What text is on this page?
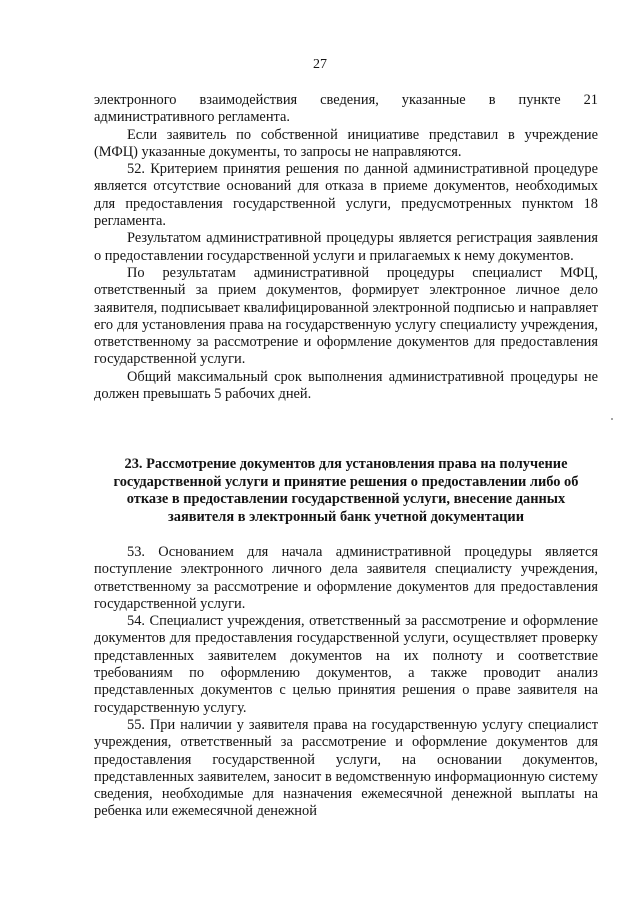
27

электронного взаимодействия сведения, указанные в пункте 21 административного регламента.

Если заявитель по собственной инициативе представил в учреждение (МФЦ) указанные документы, то запросы не направляются.

52. Критерием принятия решения по данной административной процедуре является отсутствие оснований для отказа в приеме документов, необходимых для предоставления государственной услуги, предусмотренных пунктом 18 регламента.

Результатом административной процедуры является регистрация заявления о предоставлении государственной услуги и прилагаемых к нему документов.

По результатам административной процедуры специалист МФЦ, ответственный за прием документов, формирует электронное личное дело заявителя, подписывает квалифицированной электронной подписью и направляет его для установления права на государственную услугу специалисту учреждения, ответственному за рассмотрение и оформление документов для предоставления государственной услуги.

Общий максимальный срок выполнения административной процедуры не должен превышать 5 рабочих дней.

23. Рассмотрение документов для установления права на получение государственной услуги и принятие решения о предоставлении либо об отказе в предоставлении государственной услуги, внесение данных заявителя в электронный банк учетной документации

53. Основанием для начала административной процедуры является поступление электронного личного дела заявителя специалисту учреждения, ответственному за рассмотрение и оформление документов для предоставления государственной услуги.

54. Специалист учреждения, ответственный за рассмотрение и оформление документов для предоставления государственной услуги, осуществляет проверку представленных заявителем документов на их полноту и соответствие требованиям по оформлению документов, а также проводит анализ представленных документов с целью принятия решения о праве заявителя на государственную услугу.

55. При наличии у заявителя права на государственную услугу специалист учреждения, ответственный за рассмотрение и оформление документов для предоставления государственной услуги, на основании документов, представленных заявителем, заносит в ведомственную информационную систему сведения, необходимые для назначения ежемесячной денежной выплаты на ребенка или ежемесячной денежной
